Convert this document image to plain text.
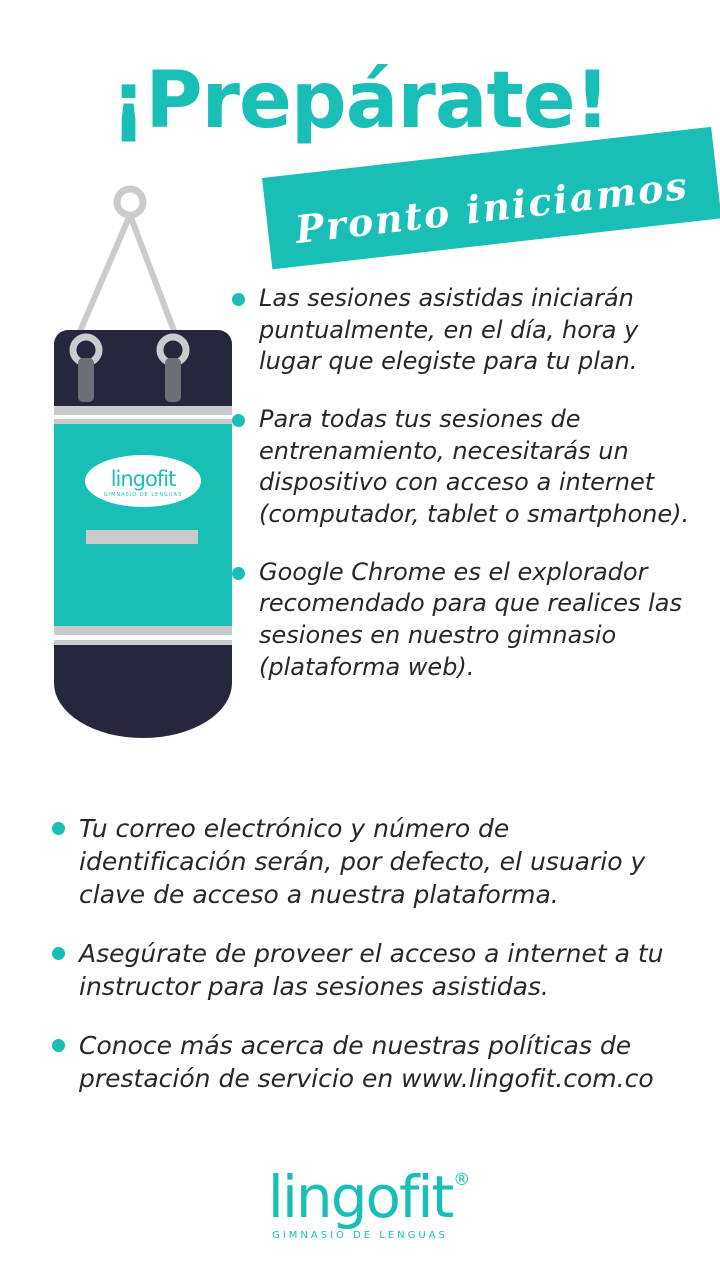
¡Prepárate!
Pronto iniciamos
lingofit
GIMNASIO DE LENGUAS
Las sesiones asistidas iniciarán puntualmente, en el día, hora y lugar que elegiste para tu plan.
Para todas tus sesiones de entrenamiento, necesitarás un dispositivo con acceso a internet (computador, tablet o smartphone).
Google Chrome es el explorador recomendado para que realices las sesiones en nuestro gimnasio (plataforma web).
Tu correo electrónico y número de identificación serán, por defecto, el usuario y clave de acceso a nuestra plataforma.
Asegúrate de proveer el acceso a internet a tu instructor para las sesiones asistidas.
Conoce más acerca de nuestras políticas de prestación de servicio en www.lingofit.com.co
lingofit ®
GIMNASIO DE LENGUAS
